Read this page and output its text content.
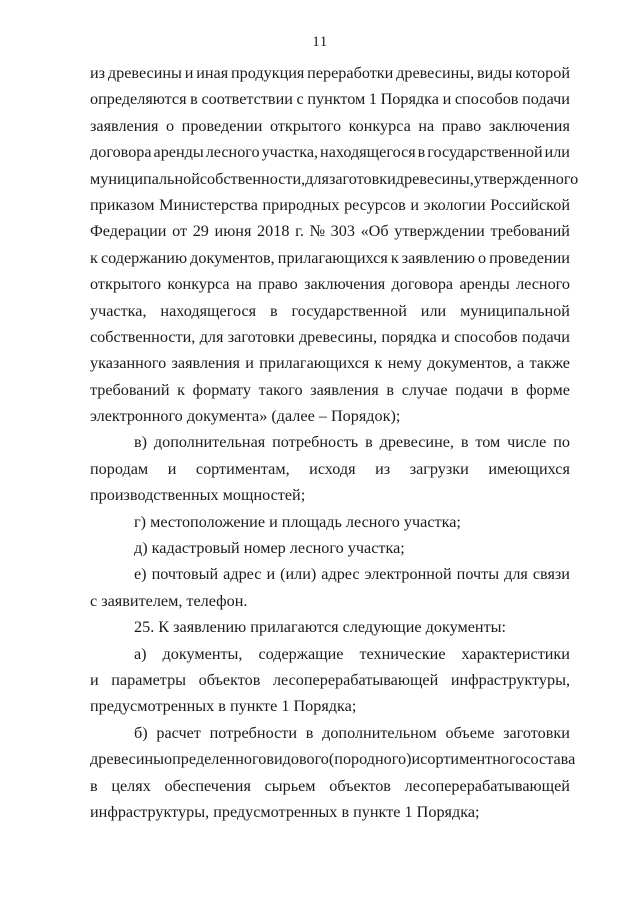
11
из древесины и иная продукция переработки древесины, виды которой
определяются в соответствии с пунктом 1 Порядка и способов подачи
заявления о проведении открытого конкурса на право заключения
договора аренды лесного участка, находящегося в государственной или
муниципальной собственности, для заготовки древесины, утвержденного
приказом Министерства природных ресурсов и экологии Российской
Федерации от 29 июня 2018 г. № 303 «Об утверждении требований
к содержанию документов, прилагающихся к заявлению о проведении
открытого конкурса на право заключения договора аренды лесного
участка, находящегося в государственной или муниципальной
собственности, для заготовки древесины, порядка и способов подачи
указанного заявления и прилагающихся к нему документов, а также
требований к формату такого заявления в случае подачи в форме
электронного документа» (далее – Порядок);
в) дополнительная потребность в древесине, в том числе по
породам и сортиментам, исходя из загрузки имеющихся
производственных мощностей;
г) местоположение и площадь лесного участка;
д) кадастровый номер лесного участка;
е) почтовый адрес и (или) адрес электронной почты для связи
с заявителем, телефон.
25. К заявлению прилагаются следующие документы:
а) документы, содержащие технические характеристики
и параметры объектов лесоперерабатывающей инфраструктуры,
предусмотренных в пункте 1 Порядка;
б) расчет потребности в дополнительном объеме заготовки
древесины определенного видового (породного) и сортиментного состава
в целях обеспечения сырьем объектов лесоперерабатывающей
инфраструктуры, предусмотренных в пункте 1 Порядка;
